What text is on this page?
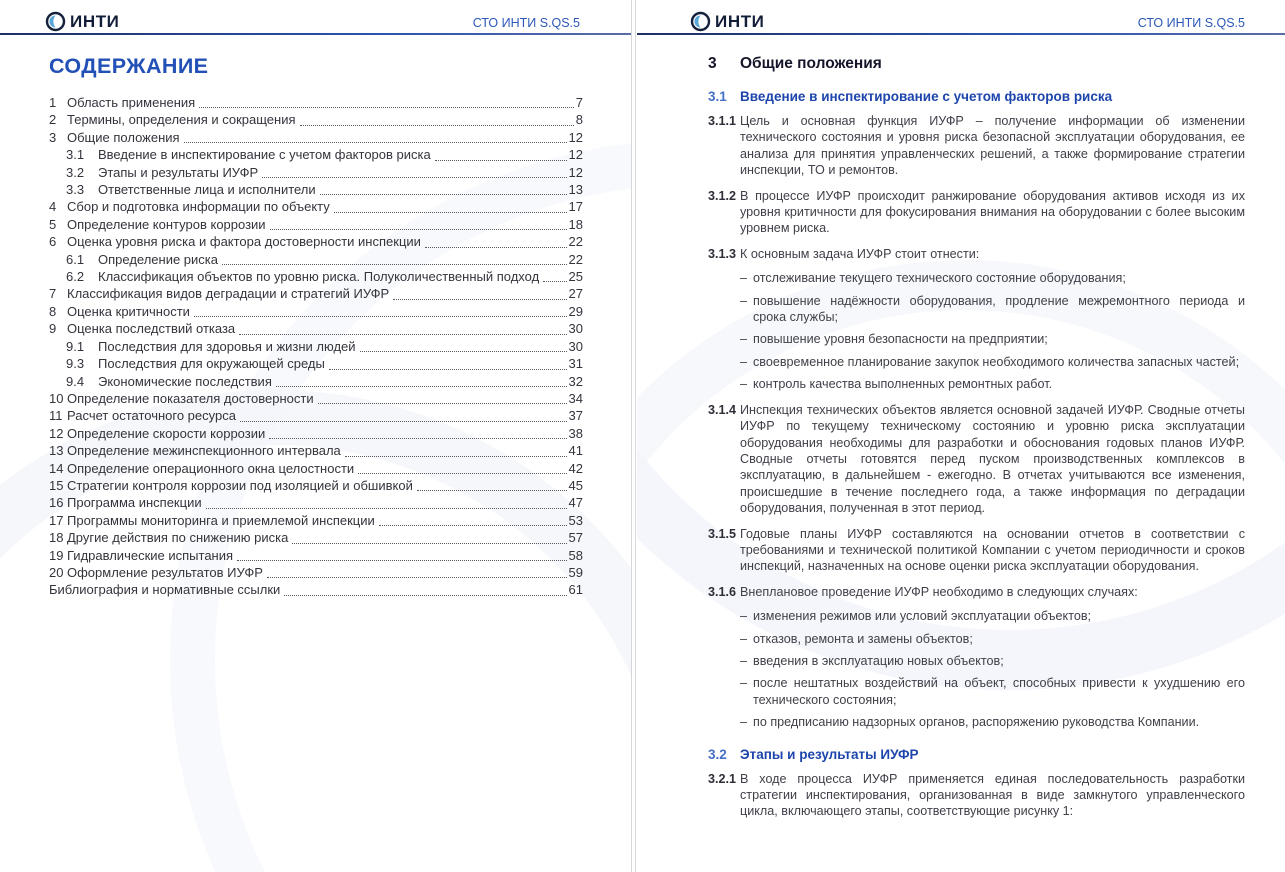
ИНТИ	СТО ИНТИ S.QS.5
СОДЕРЖАНИЕ
1 Область применения	7
2 Термины, определения и сокращения	8
3 Общие положения	12
3.1	Введение в инспектирование с учетом факторов риска	12
3.2	Этапы и результаты ИУФР	12
3.3	Ответственные лица и исполнители	13
4 Сбор и подготовка информации по объекту	17
5 Определение контуров коррозии	18
6 Оценка уровня риска и фактора достоверности инспекции	22
6.1	Определение риска	22
6.2	Классификация объектов по уровню риска. Полуколичественный подход 25
7 Классификация видов деградации и стратегий ИУФР	27
8 Оценка критичности	29
9 Оценка последствий отказа	30
9.1	Последствия для здоровья и жизни людей	30
9.3	Последствия для окружающей среды	31
9.4	Экономические последствия	32
10 Определение показателя достоверности	34
11 Расчет остаточного ресурса	37
12 Определение скорости коррозии	38
13 Определение межинспекционного интервала	41
14 Определение операционного окна целостности	42
15 Стратегии контроля коррозии под изоляцией и обшивкой	45
16 Программа инспекции	47
17 Программы мониторинга и приемлемой инспекции	53
18 Другие действия по снижению риска	57
19 Гидравлические испытания	58
20 Оформление результатов ИУФР	59
Библиография и нормативные ссылки	61
ИНТИ	СТО ИНТИ S.QS.5
3	Общие положения
3.1 Введение в инспектирование с учетом факторов риска
3.1.1 Цель и основная функция ИУФР – получение информации об изменении технического состояния и уровня риска безопасной эксплуатации оборудования, ее анализа для принятия управленческих решений, а также формирование стратегии инспекции, ТО и ремонтов.
3.1.2 В процессе ИУФР происходит ранжирование оборудования активов исходя из их уровня критичности для фокусирования внимания на оборудовании с более высоким уровнем риска.
3.1.3 К основным задача ИУФР стоит отнести:
– отслеживание текущего технического состояние оборудования;
– повышение надёжности оборудования, продление межремонтного периода и срока службы;
– повышение уровня безопасности на предприятии;
– своевременное планирование закупок необходимого количества запасных частей;
– контроль качества выполненных ремонтных работ.
3.1.4 Инспекция технических объектов является основной задачей ИУФР. Сводные отчеты ИУФР по текущему техническому состоянию и уровню риска эксплуатации оборудования необходимы для разработки и обоснования годовых планов ИУФР. Сводные отчеты готовятся перед пуском производственных комплексов в эксплуатацию, в дальнейшем - ежегодно. В отчетах учитываются все изменения, происшедшие в течение последнего года, а также информация по деградации оборудования, полученная в этот период.
3.1.5 Годовые планы ИУФР составляются на основании отчетов в соответствии с требованиями и технической политикой Компании с учетом периодичности и сроков инспекций, назначенных на основе оценки риска эксплуатации оборудования.
3.1.6 Внеплановое проведение ИУФР необходимо в следующих случаях:
– изменения режимов или условий эксплуатации объектов;
– отказов, ремонта и замены объектов;
– введения в эксплуатацию новых объектов;
– после нештатных воздействий на объект, способных привести к ухудшению его технического состояния;
– по предписанию надзорных органов, распоряжению руководства Компании.
3.2 Этапы и результаты ИУФР
3.2.1 В ходе процесса ИУФР применяется единая последовательность разработки стратегии инспектирования, организованная в виде замкнутого управленческого цикла, включающего этапы, соответствующие рисунку 1:
